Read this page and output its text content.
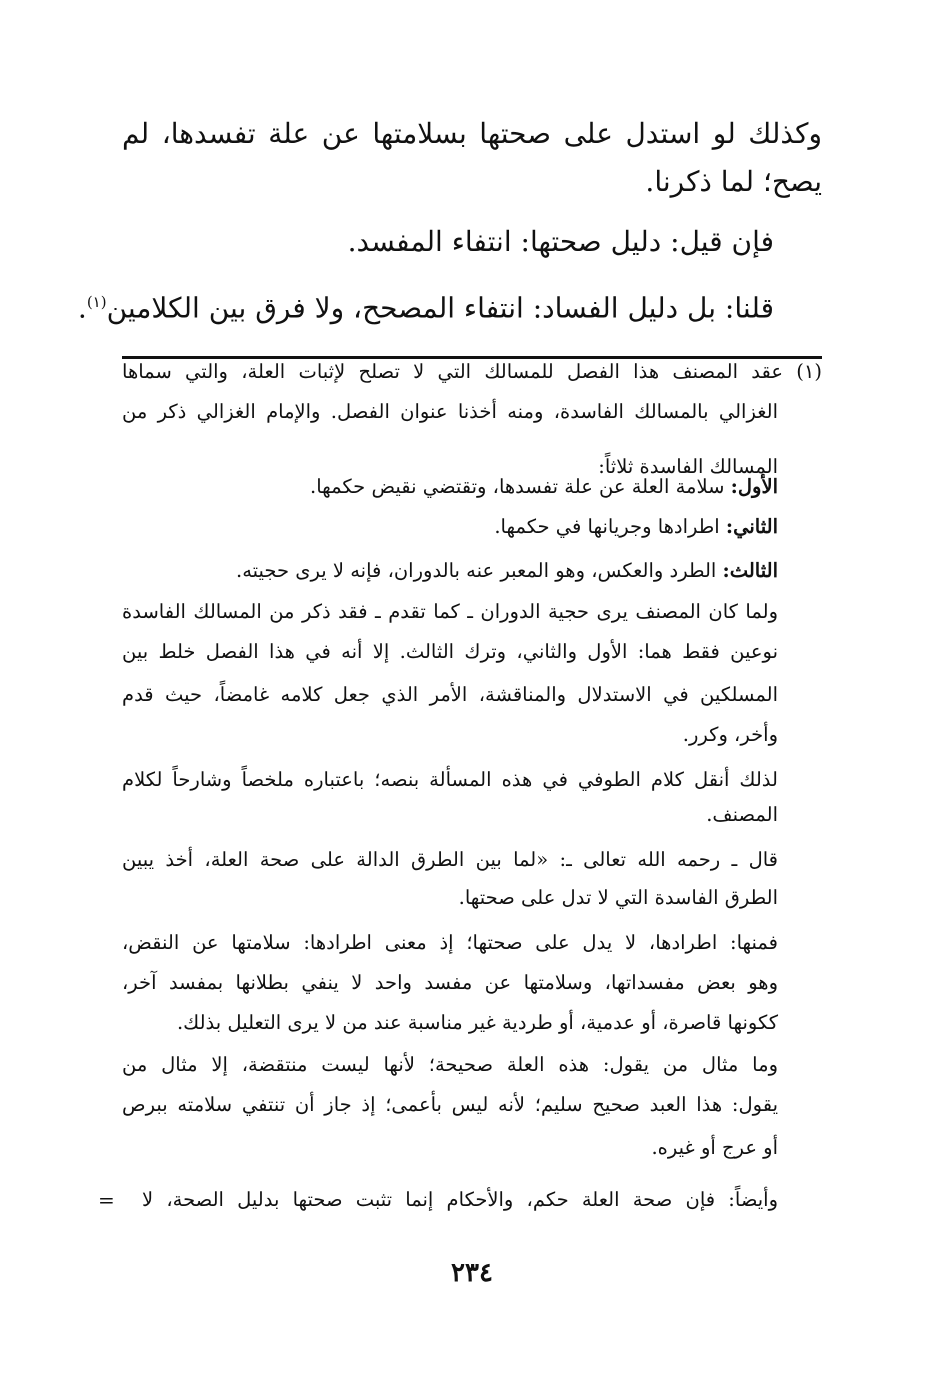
وكذلك لو استدل على صحتها بسلامتها عن علة تفسدها، لم
يصح؛ لما ذكرنا.
فإن قيل: دليل صحتها: انتفاء المفسد.
قلنا: بل دليل الفساد: انتفاء المصحح، ولا فرق بين الكلامين$^{(١)}$.
(١) عقد المصنف هذا الفصل للمسالك التي لا تصلح لإثبات العلة، والتي سماها
الغزالي بالمسالك الفاسدة، ومنه أخذنا عنوان الفصل. والإمام الغزالي ذكر من
المسالك الفاسدة ثلاثاً:
الأول: سلامة العلة عن علة تفسدها، وتقتضي نقيض حكمها.
الثاني: اطرادها وجريانها في حكمها.
الثالث: الطرد والعكس، وهو المعبر عنه بالدوران، فإنه لا يرى حجيته.
ولما كان المصنف يرى حجية الدوران ـ كما تقدم ـ فقد ذكر من المسالك الفاسدة
نوعين فقط هما: الأول والثاني، وترك الثالث. إلا أنه في هذا الفصل خلط بين
المسلكين في الاستدلال والمناقشة، الأمر الذي جعل كلامه غامضاً، حيث قدم
وأخر، وكرر.
لذلك أنقل كلام الطوفي في هذه المسألة بنصه؛ باعتباره ملخصاً وشارحاً لكلام
المصنف.
قال ـ رحمه الله تعالى ـ: «لما بين الطرق الدالة على صحة العلة، أخذ يبين
الطرق الفاسدة التي لا تدل على صحتها.
فمنها: اطرادها، لا يدل على صحتها؛ إذ معنى اطرادها: سلامتها عن النقض،
وهو بعض مفسداتها، وسلامتها عن مفسد واحد لا ينفي بطلانها بمفسد آخر،
ككونها قاصرة، أو عدمية، أو طردية غير مناسبة عند من لا يرى التعليل بذلك.
وما مثال من يقول: هذه العلة صحيحة؛ لأنها ليست منتقضة، إلا مثال من
يقول: هذا العبد صحيح سليم؛ لأنه ليس بأعمى؛ إذ جاز أن تنتفي سلامته ببرص
أو عرج أو غيره.
وأيضاً: فإن صحة العلة حكم، والأحكام إنما تثبت صحتها بدليل الصحة، لا
=
٢٣٤
